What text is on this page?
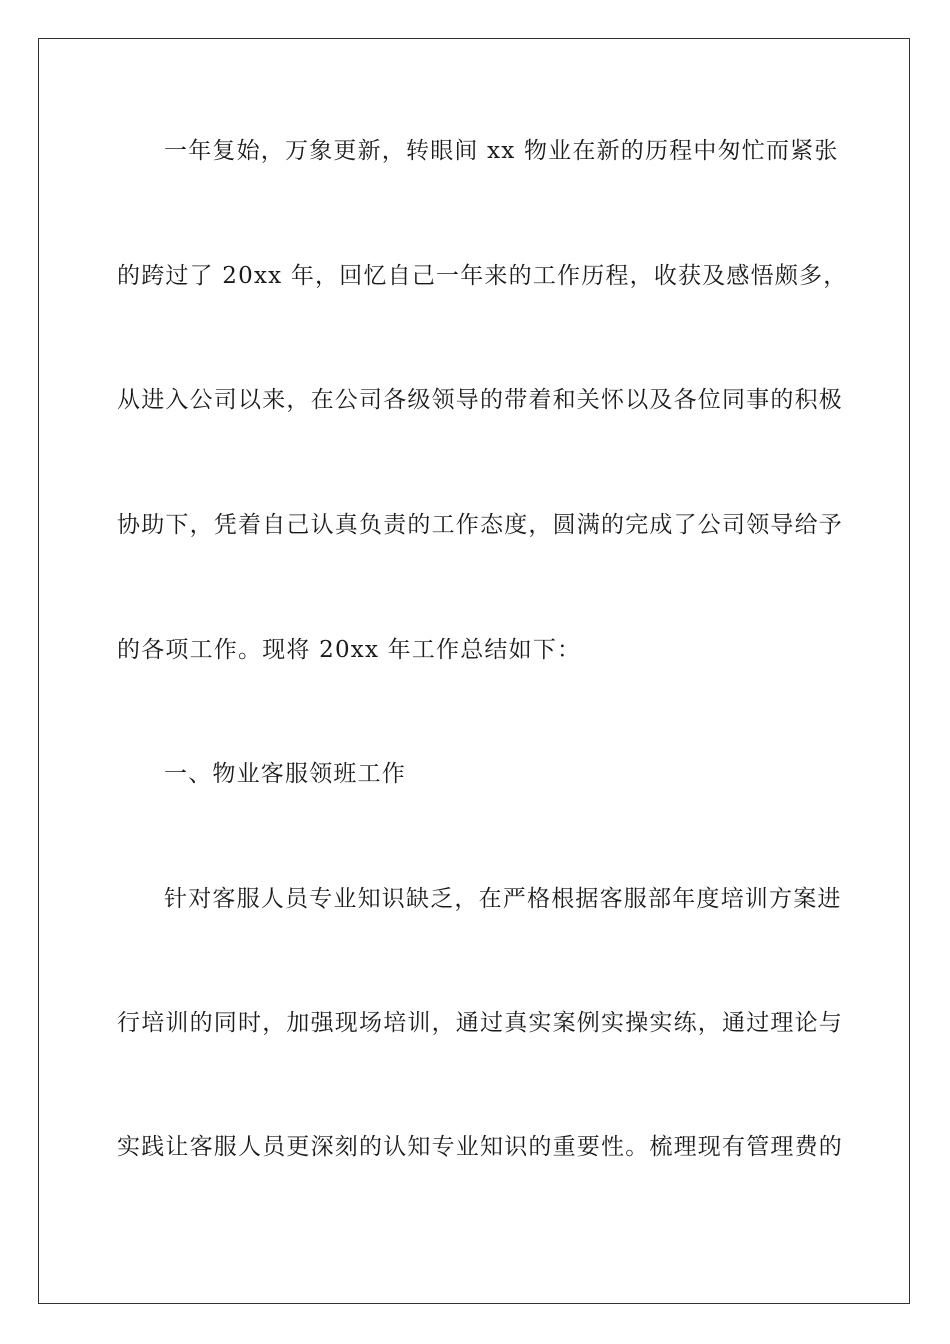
一年复始，万象更新，转眼间 xx 物业在新的历程中匆忙而紧张
的跨过了 20xx 年，回忆自己一年来的工作历程，收获及感悟颇多，
从进入公司以来，在公司各级领导的带着和关怀以及各位同事的积极
协助下，凭着自己认真负责的工作态度，圆满的完成了公司领导给予
的各项工作。现将 20xx 年工作总结如下：
一、物业客服领班工作
针对客服人员专业知识缺乏，在严格根据客服部年度培训方案进
行培训的同时，加强现场培训，通过真实案例实操实练，通过理论与
实践让客服人员更深刻的认知专业知识的重要性。梳理现有管理费的
